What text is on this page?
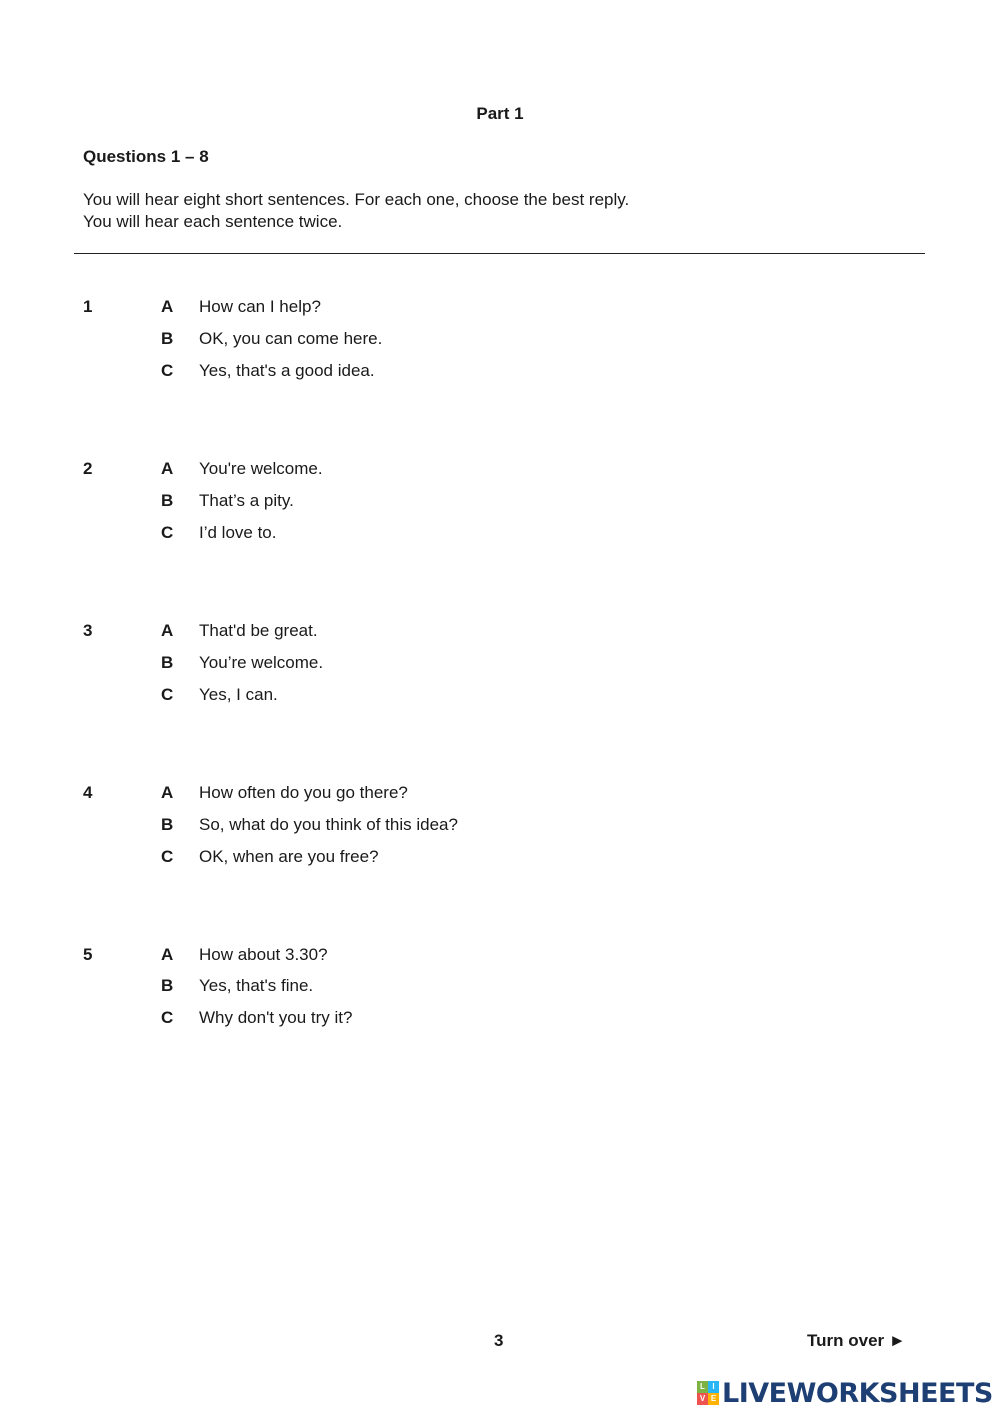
Part 1
Questions 1 – 8
You will hear eight short sentences. For each one, choose the best reply.
You will hear each sentence twice.
1	A How can I help?
B OK, you can come here.
C Yes, that's a good idea.
2	A You're welcome.
B That’s a pity.
C I’d love to.
3	A That'd be great.
B You’re welcome.
C Yes, I can.
4	A How often do you go there?
B So, what do you think of this idea?
C OK, when are you free?
5	A How about 3.30?
B Yes, that's fine.
C Why don't you try it?
3	Turn over ►
L I
V E LIVEWORKSHEETS
